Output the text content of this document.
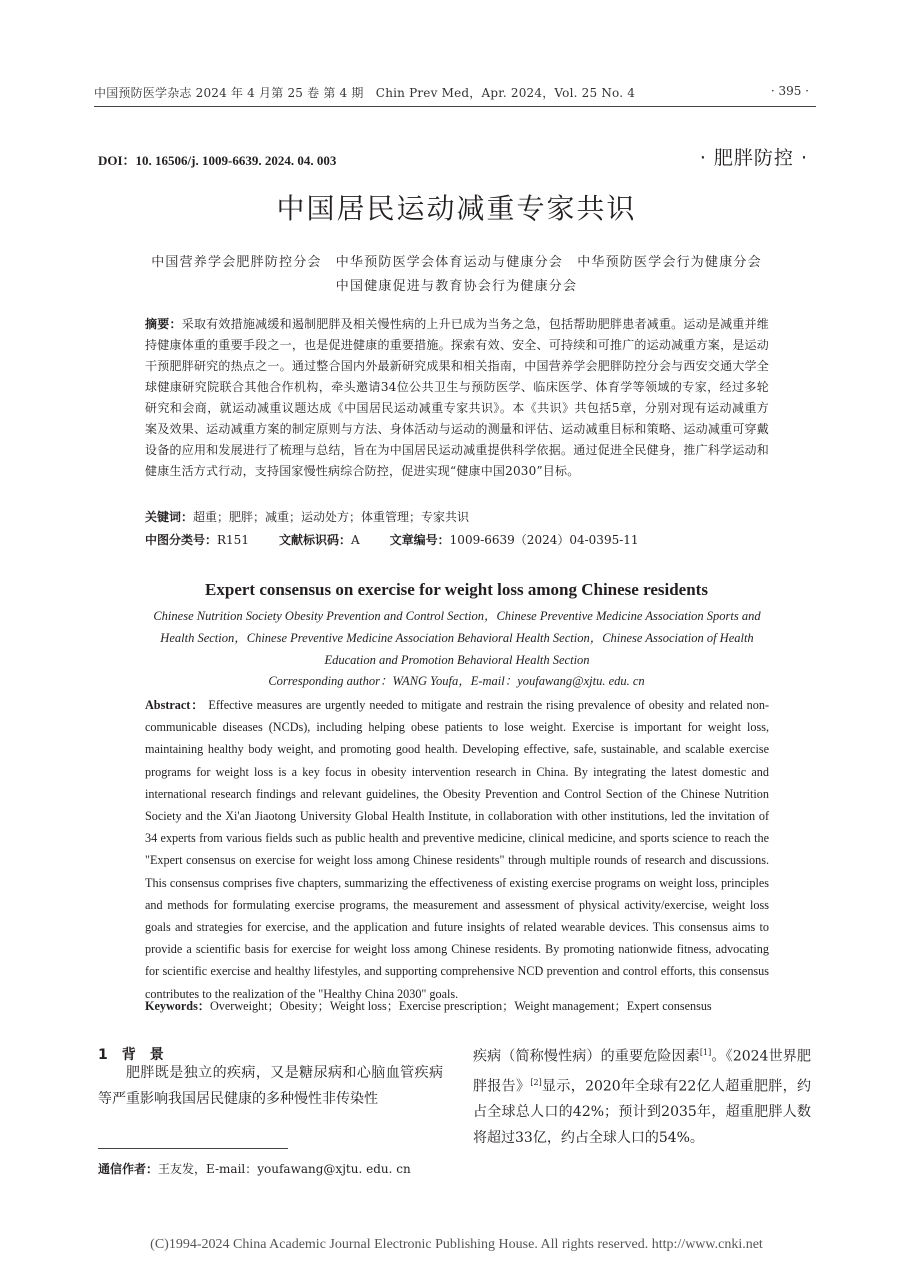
中国预防医学杂志 2024 年 4 月第 25 卷 第 4 期　Chin Prev Med，Apr. 2024，Vol. 25 No. 4	· 395 ·
DOI：10. 16506/j. 1009-6639. 2024. 04. 003	· 肥胖防控 ·
中国居民运动减重专家共识
中国营养学会肥胖防控分会　中华预防医学会体育运动与健康分会　中华预防医学会行为健康分会
中国健康促进与教育协会行为健康分会
摘要：采取有效措施减缓和遏制肥胖及相关慢性病的上升已成为当务之急，包括帮助肥胖患者减重。运动是减重并维持健康体重的重要手段之一，也是促进健康的重要措施。探索有效、安全、可持续和可推广的运动减重方案，是运动干预肥胖研究的热点之一。通过整合国内外最新研究成果和相关指南，中国营养学会肥胖防控分会与西安交通大学全球健康研究院联合其他合作机构，牵头邀请34位公共卫生与预防医学、临床医学、体育学等领域的专家，经过多轮研究和会商，就运动减重议题达成《中国居民运动减重专家共识》。本《共识》共包括5章，分别对现有运动减重方案及效果、运动减重方案的制定原则与方法、身体活动与运动的测量和评估、运动减重目标和策略、运动减重可穿戴设备的应用和发展进行了梳理与总结，旨在为中国居民运动减重提供科学依据。通过促进全民健身，推广科学运动和健康生活方式行动，支持国家慢性病综合防控，促进实现“健康中国2030”目标。
关键词：超重；肥胖；减重；运动处方；体重管理；专家共识
中图分类号：R151	文献标识码：A	文章编号：1009-6639（2024）04-0395-11
Expert consensus on exercise for weight loss among Chinese residents
Chinese Nutrition Society Obesity Prevention and Control Section，Chinese Preventive Medicine Association Sports and Health Section，Chinese Preventive Medicine Association Behavioral Health Section，Chinese Association of Health Education and Promotion Behavioral Health Section
Corresponding author：WANG Youfa，E-mail：youfawang@xjtu. edu. cn
Abstract： Effective measures are urgently needed to mitigate and restrain the rising prevalence of obesity and related non-communicable diseases (NCDs), including helping obese patients to lose weight. Exercise is important for weight loss, maintaining healthy body weight, and promoting good health. Developing effective, safe, sustainable, and scalable exercise programs for weight loss is a key focus in obesity intervention research in China. By integrating the latest domestic and international research findings and relevant guidelines, the Obesity Prevention and Control Section of the Chinese Nutrition Society and the Xi'an Jiaotong University Global Health Institute, in collaboration with other institutions, led the invitation of 34 experts from various fields such as public health and preventive medicine, clinical medicine, and sports science to reach the "Expert consensus on exercise for weight loss among Chinese residents" through multiple rounds of research and discussions. This consensus comprises five chapters, summarizing the effectiveness of existing exercise programs on weight loss, principles and methods for formulating exercise programs, the measurement and assessment of physical activity/exercise, weight loss goals and strategies for exercise, and the application and future insights of related wearable devices. This consensus aims to provide a scientific basis for exercise for weight loss among Chinese residents. By promoting nationwide fitness, advocating for scientific exercise and healthy lifestyles, and supporting comprehensive NCD prevention and control efforts, this consensus contributes to the realization of the "Healthy China 2030" goals.
Keywords：Overweight；Obesity；Weight loss；Exercise prescription；Weight management；Expert consensus
1 背　景

肥胖既是独立的疾病，又是糖尿病和心脑血管疾病等严重影响我国居民健康的多种慢性非传染性

疾病（简称慢性病）的重要危险因素[1]。《2024世界肥胖报告》[2]显示，2020年全球有22亿人超重肥胖，约占全球总人口的42%；预计到2035年，超重肥胖人数将超过33亿，约占全球人口的54%。
通信作者：王友发，E-mail：youfawang@xjtu. edu. cn
(C)1994-2024 China Academic Journal Electronic Publishing House. All rights reserved. http://www.cnki.net
